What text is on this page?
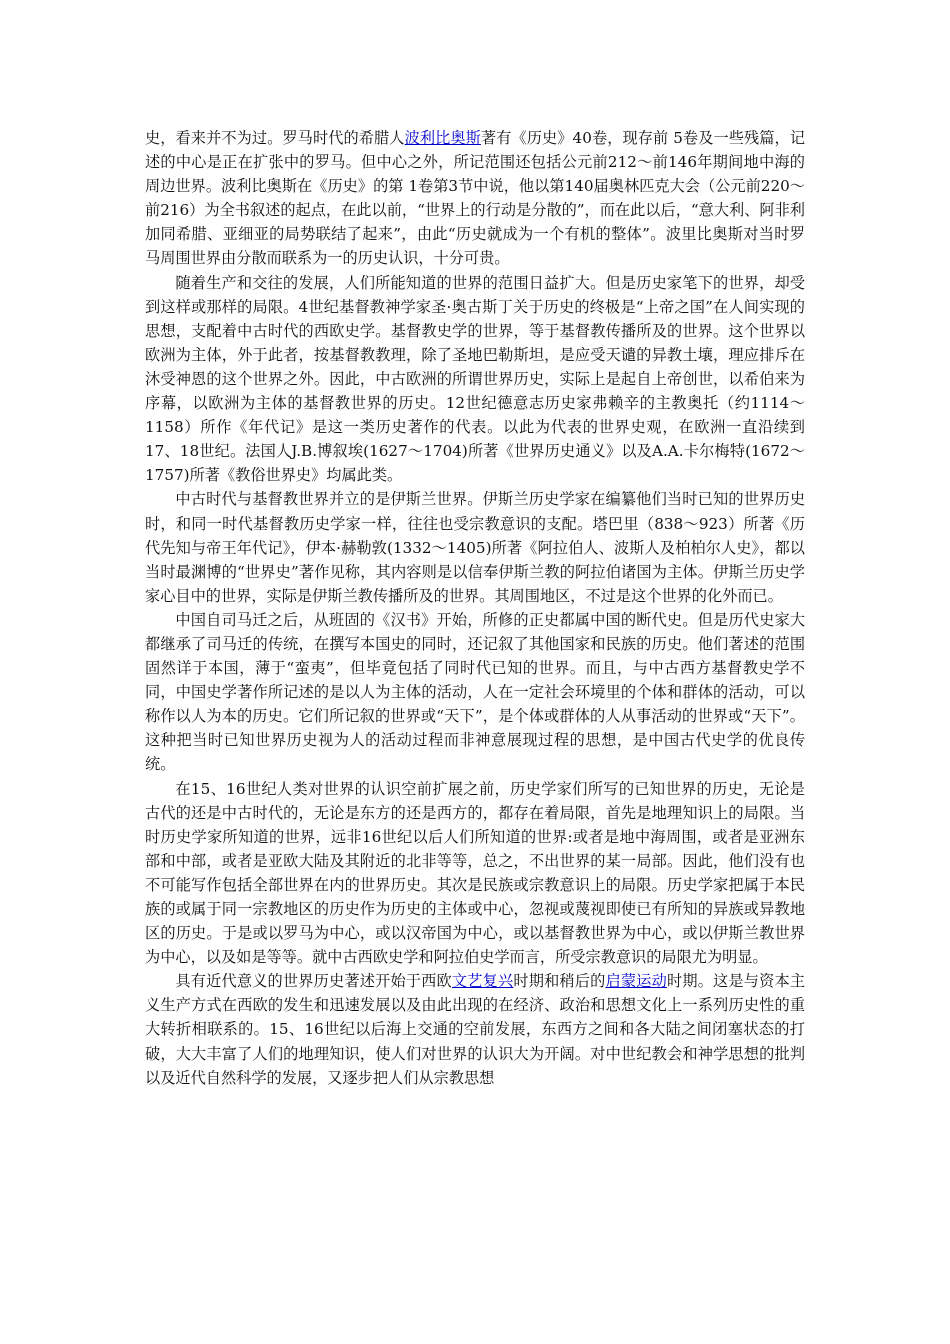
史，看来并不为过。罗马时代的希腊人波利比奥斯著有《历史》40卷，现存前 5卷及一些残篇，记述的中心是正在扩张中的罗马。但中心之外，所记范围还包括公元前212～前146年期间地中海的周边世界。波利比奥斯在《历史》的第 1卷第3节中说，他以第140届奥林匹克大会（公元前220～前216）为全书叙述的起点，在此以前，“世界上的行动是分散的”，而在此以后，“意大利、阿非利加同希腊、亚细亚的局势联结了起来”，由此“历史就成为一个有机的整体”。波里比奥斯对当时罗马周围世界由分散而联系为一的历史认识，十分可贵。

随着生产和交往的发展，人们所能知道的世界的范围日益扩大。但是历史家笔下的世界，却受到这样或那样的局限。4世纪基督教神学家圣·奥古斯丁关于历史的终极是“上帝之国”在人间实现的思想，支配着中古时代的西欧史学。基督教史学的世界，等于基督教传播所及的世界。这个世界以欧洲为主体，外于此者，按基督教教理，除了圣地巴勒斯坦，是应受天谴的异教土壤，理应排斥在沐受神恩的这个世界之外。因此，中古欧洲的所谓世界历史，实际上是起自上帝创世，以希伯来为序幕，以欧洲为主体的基督教世界的历史。12世纪德意志历史家弗赖辛的主教奥托（约1114～1158）所作《年代记》是这一类历史著作的代表。以此为代表的世界史观，在欧洲一直沿续到17、18世纪。法国人J.B.博叙埃(1627～1704)所著《世界历史通义》以及A.A.卡尔梅特(1672～1757)所著《教俗世界史》均属此类。

中古时代与基督教世界并立的是伊斯兰世界。伊斯兰历史学家在编纂他们当时已知的世界历史时，和同一时代基督教历史学家一样，往往也受宗教意识的支配。塔巴里（838～923）所著《历代先知与帝王年代记》，伊本·赫勒敦(1332～1405)所著《阿拉伯人、波斯人及柏柏尔人史》，都以当时最渊博的“世界史”著作见称，其内容则是以信奉伊斯兰教的阿拉伯诸国为主体。伊斯兰历史学家心目中的世界，实际是伊斯兰教传播所及的世界。其周围地区，不过是这个世界的化外而已。

中国自司马迁之后，从班固的《汉书》开始，所修的正史都属中国的断代史。但是历代史家大都继承了司马迁的传统，在撰写本国史的同时，还记叙了其他国家和民族的历史。他们著述的范围固然详于本国，薄于“蛮夷”，但毕竟包括了同时代已知的世界。而且，与中古西方基督教史学不同，中国史学著作所记述的是以人为主体的活动，人在一定社会环境里的个体和群体的活动，可以称作以人为本的历史。它们所记叙的世界或“天下”，是个体或群体的人从事活动的世界或“天下”。这种把当时已知世界历史视为人的活动过程而非神意展现过程的思想，是中国古代史学的优良传统。

在15、16世纪人类对世界的认识空前扩展之前，历史学家们所写的已知世界的历史，无论是古代的还是中古时代的，无论是东方的还是西方的，都存在着局限，首先是地理知识上的局限。当时历史学家所知道的世界，远非16世纪以后人们所知道的世界:或者是地中海周围，或者是亚洲东部和中部，或者是亚欧大陆及其附近的北非等等，总之，不出世界的某一局部。因此，他们没有也不可能写作包括全部世界在内的世界历史。其次是民族或宗教意识上的局限。历史学家把属于本民族的或属于同一宗教地区的历史作为历史的主体或中心，忽视或蔑视即使已有所知的异族或异教地区的历史。于是或以罗马为中心，或以汉帝国为中心，或以基督教世界为中心，或以伊斯兰教世界为中心，以及如是等等。就中古西欧史学和阿拉伯史学而言，所受宗教意识的局限尤为明显。

具有近代意义的世界历史著述开始于西欧文艺复兴时期和稍后的启蒙运动时期。这是与资本主义生产方式在西欧的发生和迅速发展以及由此出现的在经济、政治和思想文化上一系列历史性的重大转折相联系的。15、16世纪以后海上交通的空前发展，东西方之间和各大陆之间闭塞状态的打破，大大丰富了人们的地理知识，使人们对世界的认识大为开阔。对中世纪教会和神学思想的批判以及近代自然科学的发展，又逐步把人们从宗教思想
